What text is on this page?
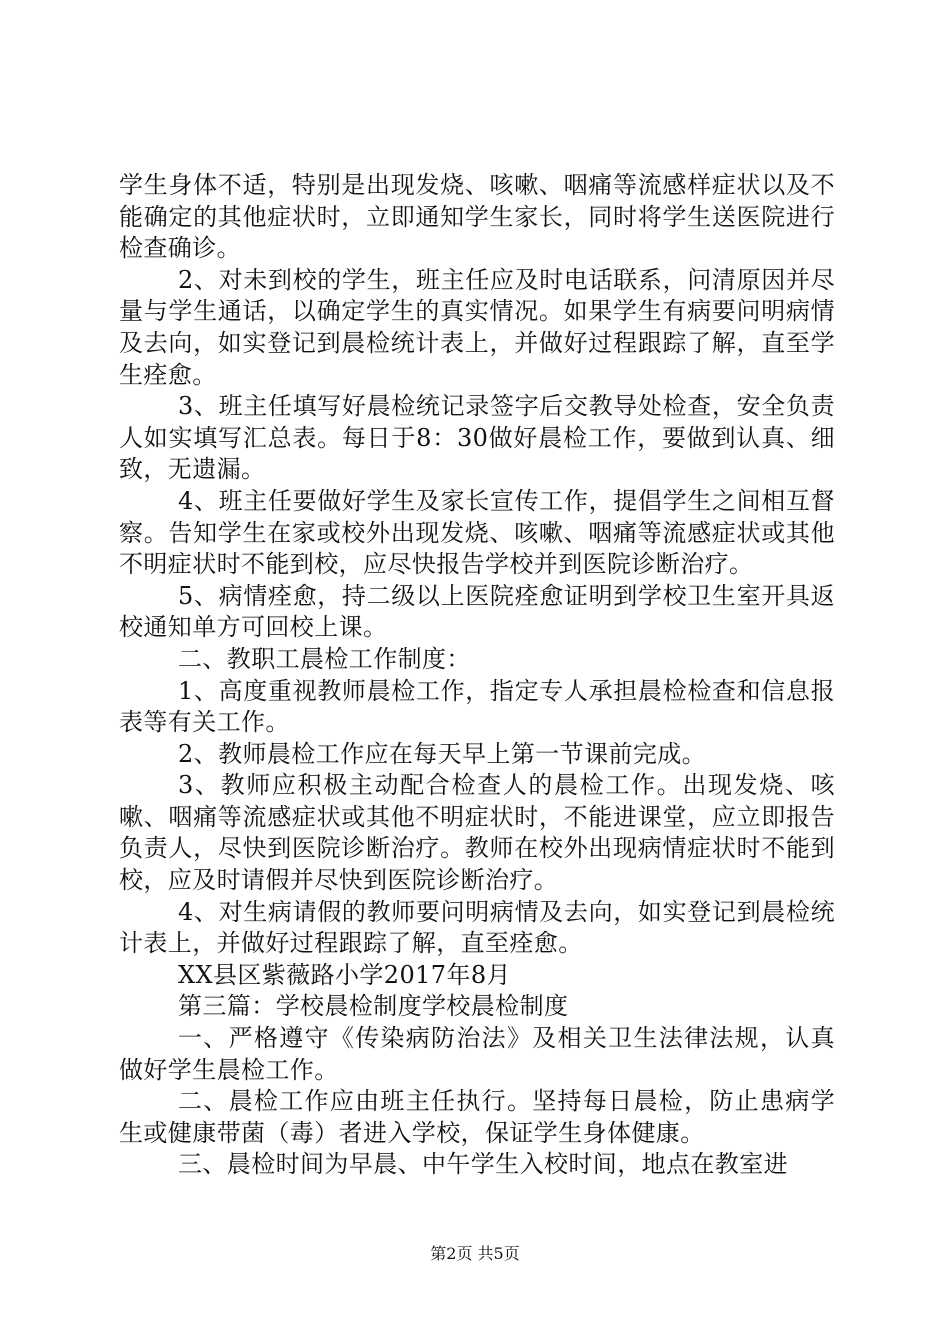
学生身体不适，特别是出现发烧、咳嗽、咽痛等流感样症状以及不能确定的其他症状时，立即通知学生家长，同时将学生送医院进行检查确诊。

2、对未到校的学生，班主任应及时电话联系，问清原因并尽量与学生通话，以确定学生的真实情况。如果学生有病要问明病情及去向，如实登记到晨检统计表上，并做好过程跟踪了解，直至学生痊愈。

3、班主任填写好晨检统记录签字后交教导处检查，安全负责人如实填写汇总表。每日于8：30做好晨检工作，要做到认真、细致，无遗漏。

4、班主任要做好学生及家长宣传工作，提倡学生之间相互督察。告知学生在家或校外出现发烧、咳嗽、咽痛等流感症状或其他不明症状时不能到校，应尽快报告学校并到医院诊断治疗。

5、病情痊愈，持二级以上医院痊愈证明到学校卫生室开具返校通知单方可回校上课。

二、教职工晨检工作制度：

1、高度重视教师晨检工作，指定专人承担晨检检查和信息报表等有关工作。

2、教师晨检工作应在每天早上第一节课前完成。

3、教师应积极主动配合检查人的晨检工作。出现发烧、咳嗽、咽痛等流感症状或其他不明症状时，不能进课堂，应立即报告负责人，尽快到医院诊断治疗。教师在校外出现病情症状时不能到校，应及时请假并尽快到医院诊断治疗。

4、对生病请假的教师要问明病情及去向，如实登记到晨检统计表上，并做好过程跟踪了解，直至痊愈。

XX县区紫薇路小学2017年8月

第三篇：学校晨检制度学校晨检制度

一、严格遵守《传染病防治法》及相关卫生法律法规，认真做好学生晨检工作。

二、晨检工作应由班主任执行。坚持每日晨检，防止患病学生或健康带菌（毒）者进入学校，保证学生身体健康。

三、晨检时间为早晨、中午学生入校时间，地点在教室进

第2页 共5页
